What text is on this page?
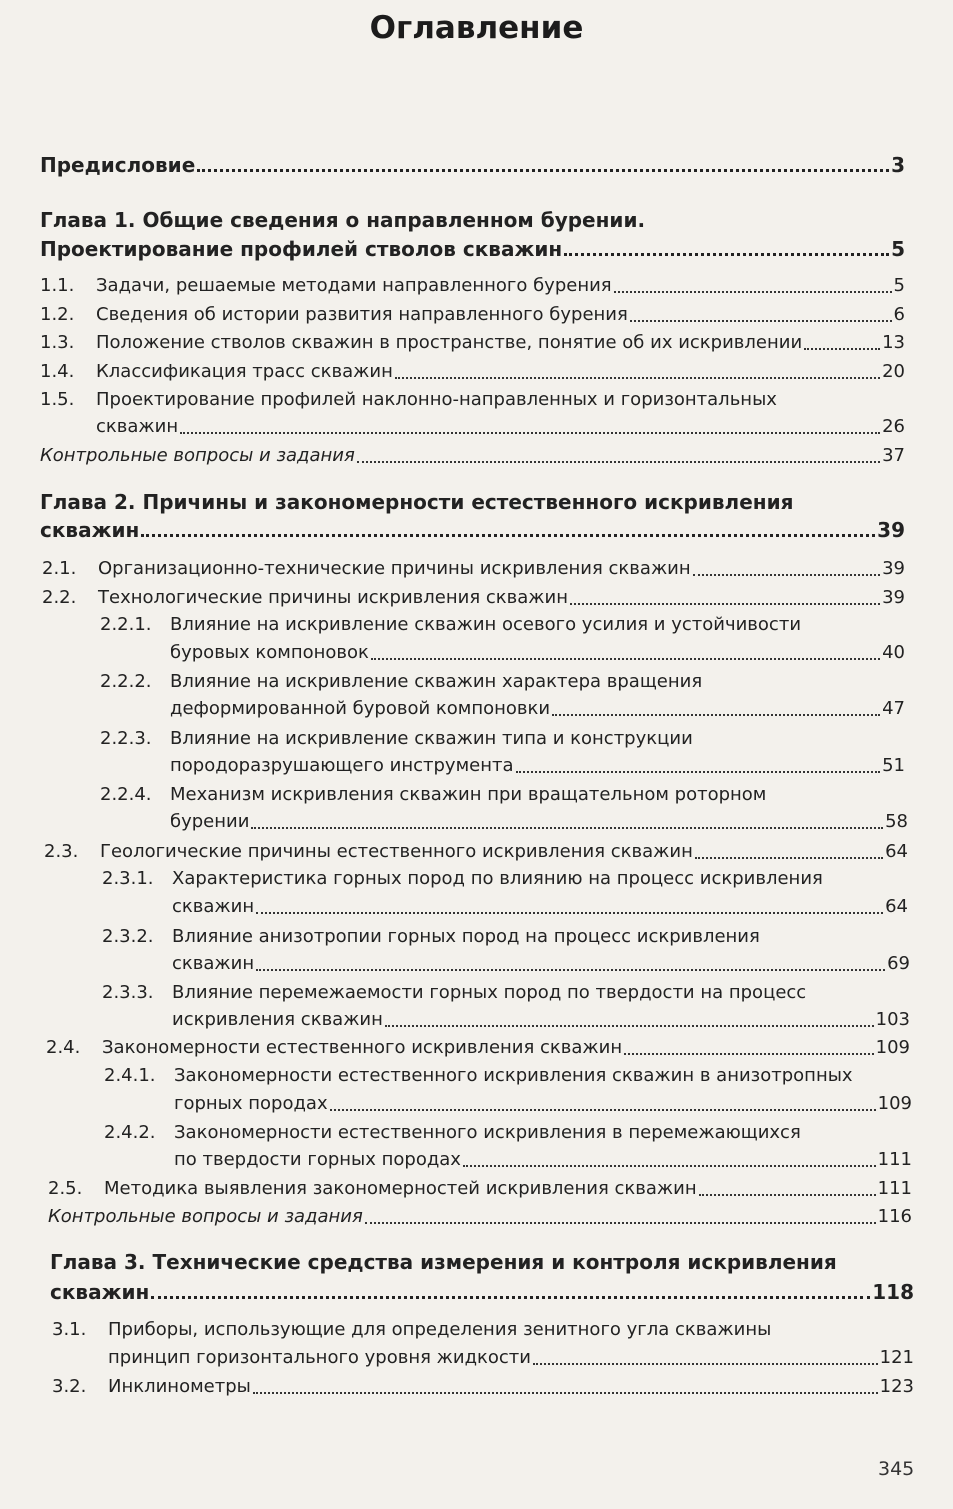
Оглавление
Предисловие	3
Глава 1. Общие сведения о направленном бурении.
Проектирование профилей стволов скважин	5
1.1. Задачи, решаемые методами направленного бурения	5
1.2. Сведения об истории развития направленного бурения	6
1.3. Положение стволов скважин в пространстве, понятие об их искривлении	13
1.4. Классификация трасс скважин	20
1.5. Проектирование профилей наклонно-направленных и горизонтальных
скважин	26
Контрольные вопросы и задания	37
Глава 2. Причины и закономерности естественного искривления
скважин	39
2.1. Организационно-технические причины искривления скважин	39
2.2. Технологические причины искривления скважин	39
2.2.1. Влияние на искривление скважин осевого усилия и устойчивости
буровых компоновок	40
2.2.2. Влияние на искривление скважин характера вращения
деформированной буровой компоновки	47
2.2.3. Влияние на искривление скважин типа и конструкции
породоразрушающего инструмента	51
2.2.4. Механизм искривления скважин при вращательном роторном
бурении	58
2.3. Геологические причины естественного искривления скважин	64
2.3.1. Характеристика горных пород по влиянию на процесс искривления
скважин	64
2.3.2. Влияние анизотропии горных пород на процесс искривления
скважин	69
2.3.3. Влияние перемежаемости горных пород по твердости на процесс
искривления скважин	103
2.4. Закономерности естественного искривления скважин	109
2.4.1. Закономерности естественного искривления скважин в анизотропных
горных породах	109
2.4.2. Закономерности естественного искривления в перемежающихся
по твердости горных породах	111
2.5. Методика выявления закономерностей искривления скважин	111
Контрольные вопросы и задания	116
Глава 3. Технические средства измерения и контроля искривления
скважин	118
3.1. Приборы, использующие для определения зенитного угла скважины
принцип горизонтального уровня жидкости	121
3.2. Инклинометры	123
345
